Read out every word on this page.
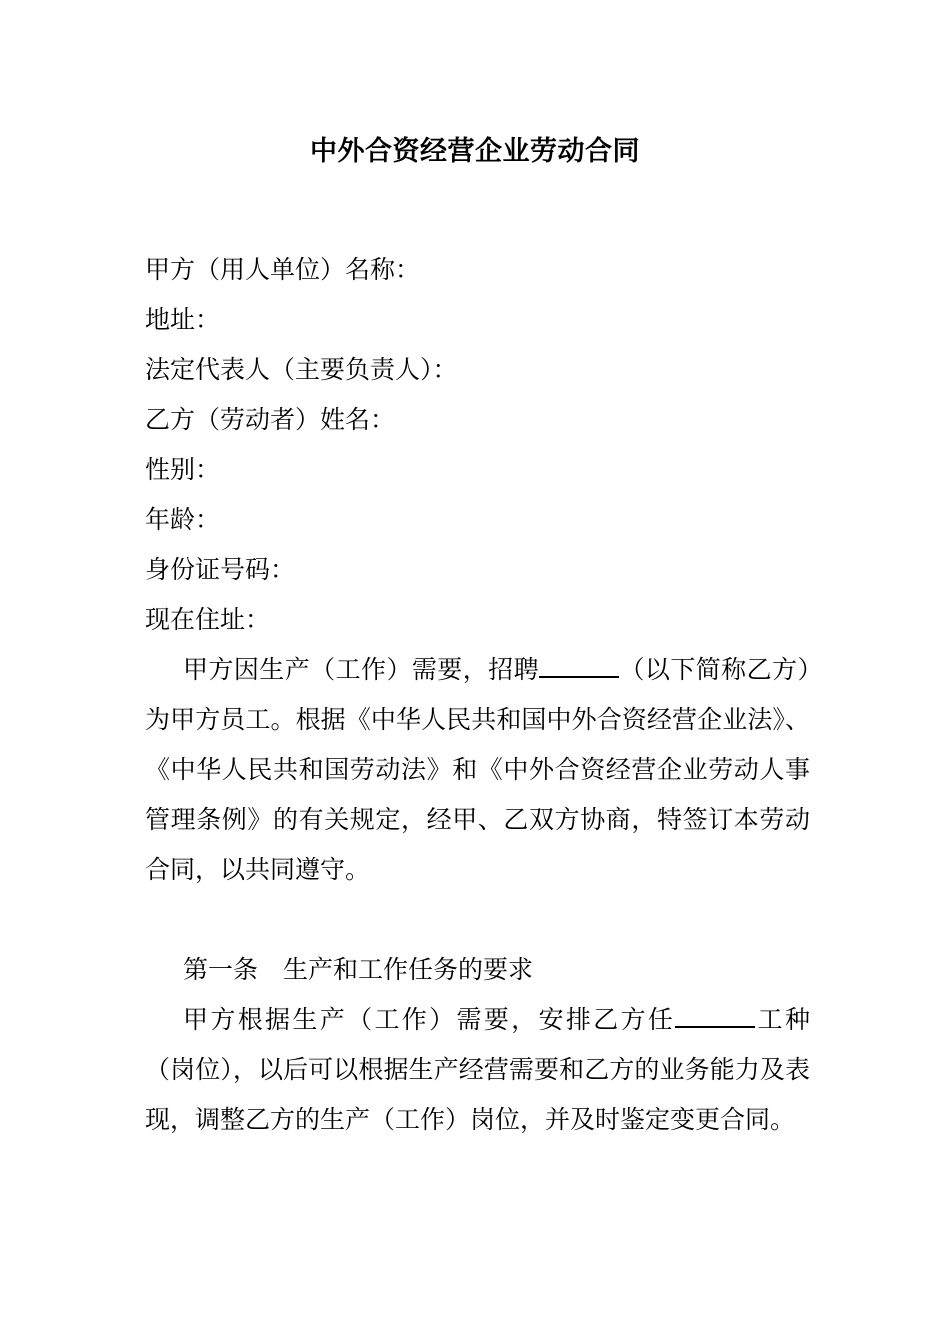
中外合资经营企业劳动合同
甲方（用人单位）名称：
地址：
法定代表人（主要负责人）：
乙方（劳动者）姓名：
性别：
年龄：
身份证号码：
现在住址：

甲方因生产（工作）需要，招聘	（以下简称乙方）为甲方员工。根据《中华人民共和国中外合资经营企业法》、《中华人民共和国劳动法》和《中外合资经营企业劳动人事管理条例》的有关规定，经甲、乙双方协商，特签订本劳动合同，以共同遵守。

第一条　生产和工作任务的要求

甲方根据生产（工作）需要，安排乙方任	工种（岗位），以后可以根据生产经营需要和乙方的业务能力及表现，调整乙方的生产（工作）岗位，并及时鉴定变更合同。
